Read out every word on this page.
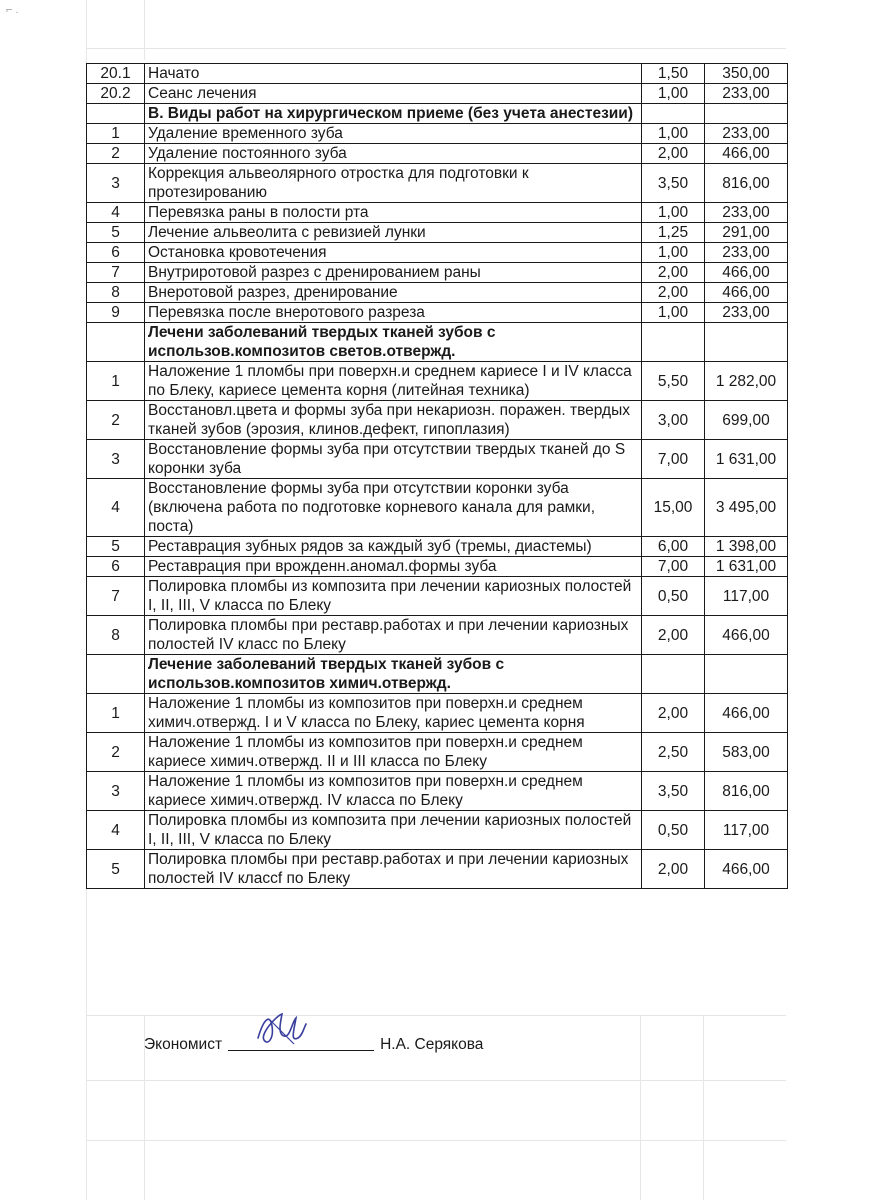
⌐ .
20.1	Начато	1,50	350,00
20.2	Сеанс лечения	1,00	233,00
	В. Виды работ на хирургическом приеме (без учета анестезии)		
1	Удаление временного зуба	1,00	233,00
2	Удаление постоянного зуба	2,00	466,00
3	Коррекция альвеолярного отростка для подготовки к протезированию	3,50	816,00
4	Перевязка раны в полости рта	1,00	233,00
5	Лечение альвеолита с ревизией лунки	1,25	291,00
6	Остановка кровотечения	1,00	233,00
7	Внутриротовой разрез с дренированием раны	2,00	466,00
8	Внеротовой разрез, дренирование	2,00	466,00
9	Перевязка после внеротового разреза	1,00	233,00
	Лечени заболеваний твердых тканей зубов с использов.композитов светов.отвержд.		
1	Наложение 1 пломбы при поверхн.и среднем кариесе I и IV класса по Блеку, кариесе цемента корня (литейная техника)	5,50	1 282,00
2	Восстановл.цвета и формы зуба при некариозн. поражен. твердых тканей зубов (эрозия, клинов.дефект, гипоплазия)	3,00	699,00
3	Восстановление формы зуба при отсутствии твердых тканей до S коронки зуба	7,00	1 631,00
4	Восстановление формы зуба при отсутствии коронки зуба (включена работа по подготовке корневого канала для рамки, поста)	15,00	3 495,00
5	Реставрация зубных рядов за каждый зуб (тремы, диастемы)	6,00	1 398,00
6	Реставрация при врожденн.аномал.формы зуба	7,00	1 631,00
7	Полировка пломбы из композита при лечении кариозных полостей I, II, III, V класса по Блеку	0,50	117,00
8	Полировка пломбы при реставр.работах и при лечении кариозных полостей IV класс по Блеку	2,00	466,00
	Лечение заболеваний твердых тканей зубов с использов.композитов химич.отвержд.		
1	Наложение 1 пломбы из композитов при поверхн.и среднем химич.отвержд. I и V класса по Блеку, кариес цемента корня	2,00	466,00
2	Наложение 1 пломбы из композитов при поверхн.и среднем кариесе химич.отвержд. II и III класса по Блеку	2,50	583,00
3	Наложение 1 пломбы из композитов при поверхн.и среднем кариесе химич.отвержд. IV класса по Блеку	3,50	816,00
4	Полировка пломбы из композита при лечении кариозных полостей I, II, III, V класса по Блеку	0,50	117,00
5	Полировка пломбы при реставр.работах и при лечении кариозных полостей IV классf по Блеку	2,00	466,00
Экономист	Н.А. Серякова
